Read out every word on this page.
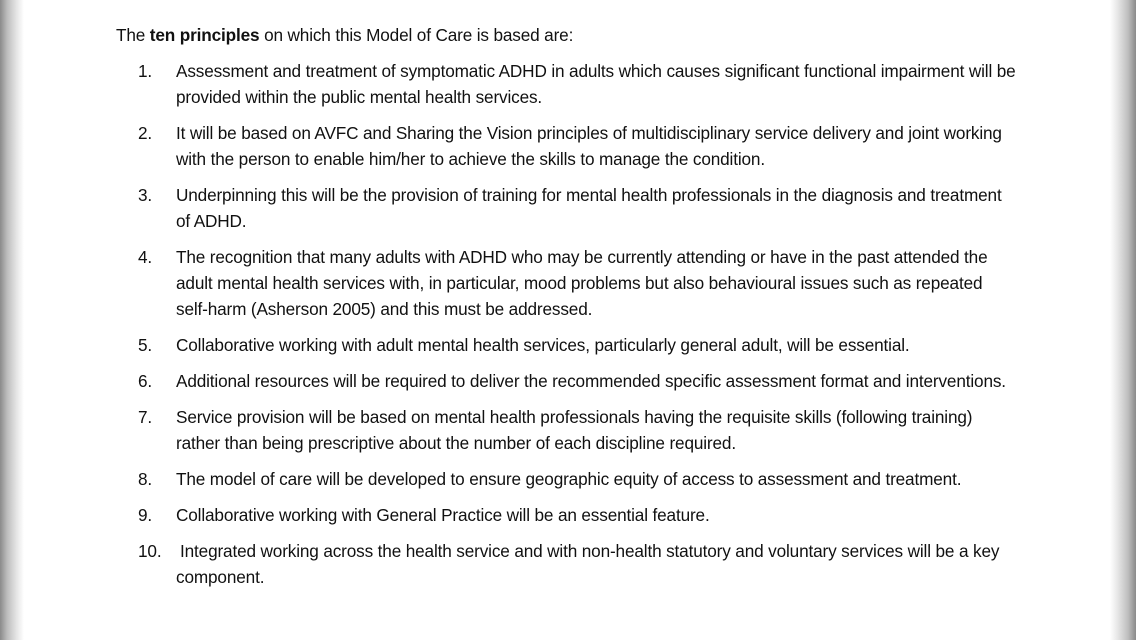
The ten principles on which this Model of Care is based are:

1. Assessment and treatment of symptomatic ADHD in adults which causes significant functional impairment will be provided within the public mental health services.
2. It will be based on AVFC and Sharing the Vision principles of multidisciplinary service delivery and joint working with the person to enable him/her to achieve the skills to manage the condition.
3. Underpinning this will be the provision of training for mental health professionals in the diagnosis and treatment of ADHD.
4. The recognition that many adults with ADHD who may be currently attending or have in the past attended the adult mental health services with, in particular, mood problems but also behavioural issues such as repeated self-harm (Asherson 2005) and this must be addressed.
5. Collaborative working with adult mental health services, particularly general adult, will be essential.
6. Additional resources will be required to deliver the recommended specific assessment format and interventions.
7. Service provision will be based on mental health professionals having the requisite skills (following training) rather than being prescriptive about the number of each discipline required.
8. The model of care will be developed to ensure geographic equity of access to assessment and treatment.
9. Collaborative working with General Practice will be an essential feature.
10. Integrated working across the health service and with non-health statutory and voluntary services will be a key component.
